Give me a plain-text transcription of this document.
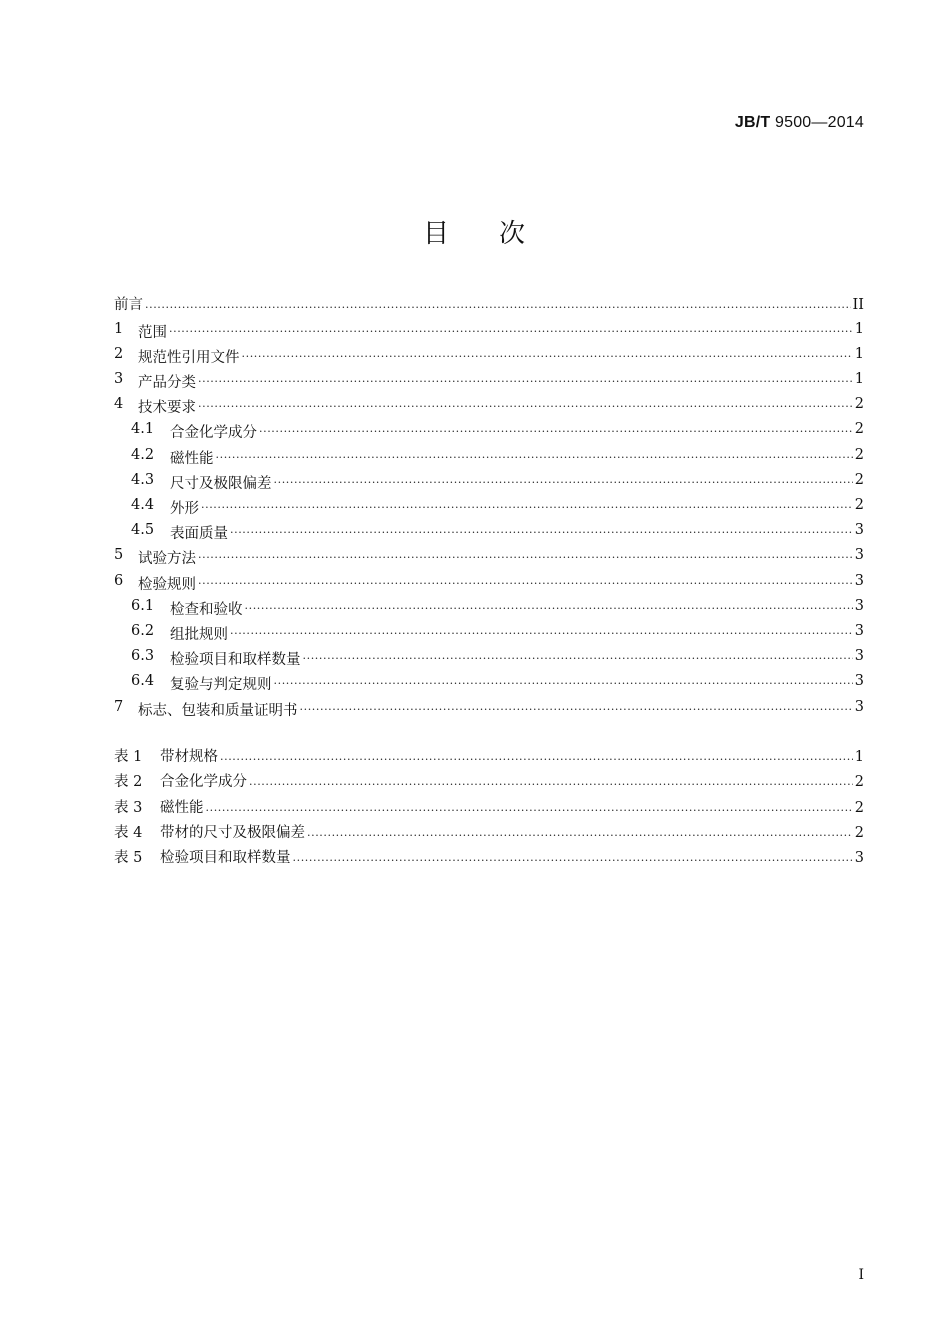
JB/T 9500—2014
目 次
前言 .....	II
1	范围 .....	1
2	规范性引用文件 .....	1
3	产品分类 .....	1
4	技术要求 .....	2
4.1	合金化学成分 .....	2
4.2	磁性能 .....	2
4.3	尺寸及极限偏差 .....	2
4.4	外形 .....	2
4.5	表面质量 .....	3
5	试验方法 .....	3
6	检验规则 .....	3
6.1	检查和验收 .....	3
6.2	组批规则 .....	3
6.3	检验项目和取样数量 .....	3
6.4	复验与判定规则 .....	3
7	标志、包装和质量证明书 .....	3
表 1	带材规格 .....	1
表 2	合金化学成分 .....	2
表 3	磁性能 .....	2
表 4	带材的尺寸及极限偏差 .....	2
表 5	检验项目和取样数量 .....	3
I
